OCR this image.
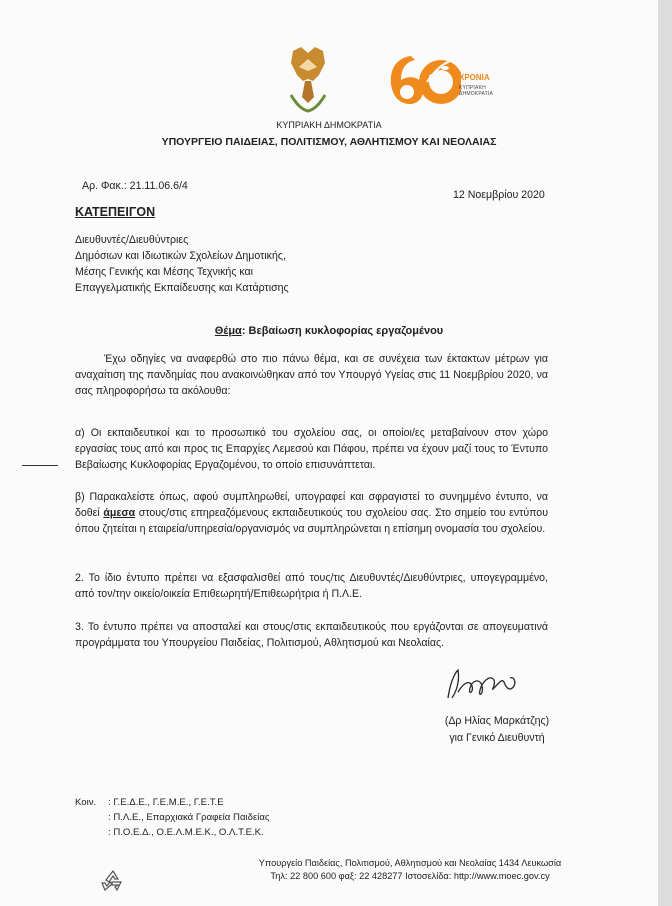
ΧΡΟΝΙΑ
ΚΥΠΡΙΑΚΗ
ΔΗΜΟΚΡΑΤΙΑ
ΚΥΠΡΙΑΚΗ ΔΗΜΟΚΡΑΤΙΑ
ΥΠΟΥΡΓΕΙΟ ΠΑΙΔΕΙΑΣ, ΠΟΛΙΤΙΣΜΟΥ, ΑΘΛΗΤΙΣΜΟΥ ΚΑΙ ΝΕΟΛΑΙΑΣ
Αρ. Φακ.: 21.11.06.6/4
12 Νοεμβρίου 2020
ΚΑΤΕΠΕΙΓΟΝ
Διευθυντές/Διευθύντριες
Δημόσιων και Ιδιωτικών Σχολείων Δημοτικής,
Μέσης Γενικής και Μέσης Τεχνικής και
Επαγγελματικής Εκπαίδευσης και Κατάρτισης
Θέμα: Βεβαίωση κυκλοφορίας εργαζομένου
Έχω οδηγίες να αναφερθώ στο πιο πάνω θέμα, και σε συνέχεια των έκτακτων μέτρων για αναχαίτιση της πανδημίας που ανακοινώθηκαν από τον Υπουργό Υγείας στις 11 Νοεμβρίου 2020, να σας πληροφορήσω τα ακόλουθα:
α) Οι εκπαιδευτικοί και το προσωπικό του σχολείου σας, οι οποίοι/ες μεταβαίνουν στον χώρο εργασίας τους από και προς τις Επαρχίες Λεμεσού και Πάφου, πρέπει να έχουν μαζί τους το Έντυπο Βεβαίωσης Κυκλοφορίας Εργαζομένου, το οποίο επισυνάπτεται.
β) Παρακαλείστε όπως, αφού συμπληρωθεί, υπογραφεί και σφραγιστεί το συνημμένο έντυπο, να δοθεί άμεσα στους/στις επηρεαζόμενους εκπαιδευτικούς του σχολείου σας. Στο σημείο του εντύπου όπου ζητείται η εταιρεία/υπηρεσία/οργανισμός να συμπληρώνεται η επίσημη ονομασία του σχολείου.
2. Το ίδιο έντυπο πρέπει να εξασφαλισθεί από τους/τις Διευθυντές/Διευθύντριες, υπογεγραμμένο, από τον/την οικείο/οικεία Επιθεωρητή/Επιθεωρήτρια ή Π.Λ.Ε.
3. Το έντυπο πρέπει να αποσταλεί και στους/στις εκπαιδευτικούς που εργάζονται σε απογευματινά προγράμματα του Υπουργείου Παιδείας, Πολιτισμού, Αθλητισμού και Νεολαίας.
(Δρ Ηλίας Μαρκάτζης)
για Γενικό Διευθυντή
Κοιν. : Γ.Ε.Δ.Ε., Γ.Ε.Μ.Ε., Γ.Ε.Τ.Ε
: Π.Λ.Ε., Επαρχιακά Γραφεία Παιδείας
: Π.Ο.Ε.Δ., Ο.Ε.Λ.Μ.Ε.Κ., Ο.Λ.Τ.Ε.Κ.
Υπουργείο Παιδείας, Πολιτισμού, Αθλητισμού και Νεολαίας 1434 Λευκωσία
Τηλ: 22 800 600 φαξ: 22 428277 Ιστοσελίδα: http://www.moec.gov.cy
